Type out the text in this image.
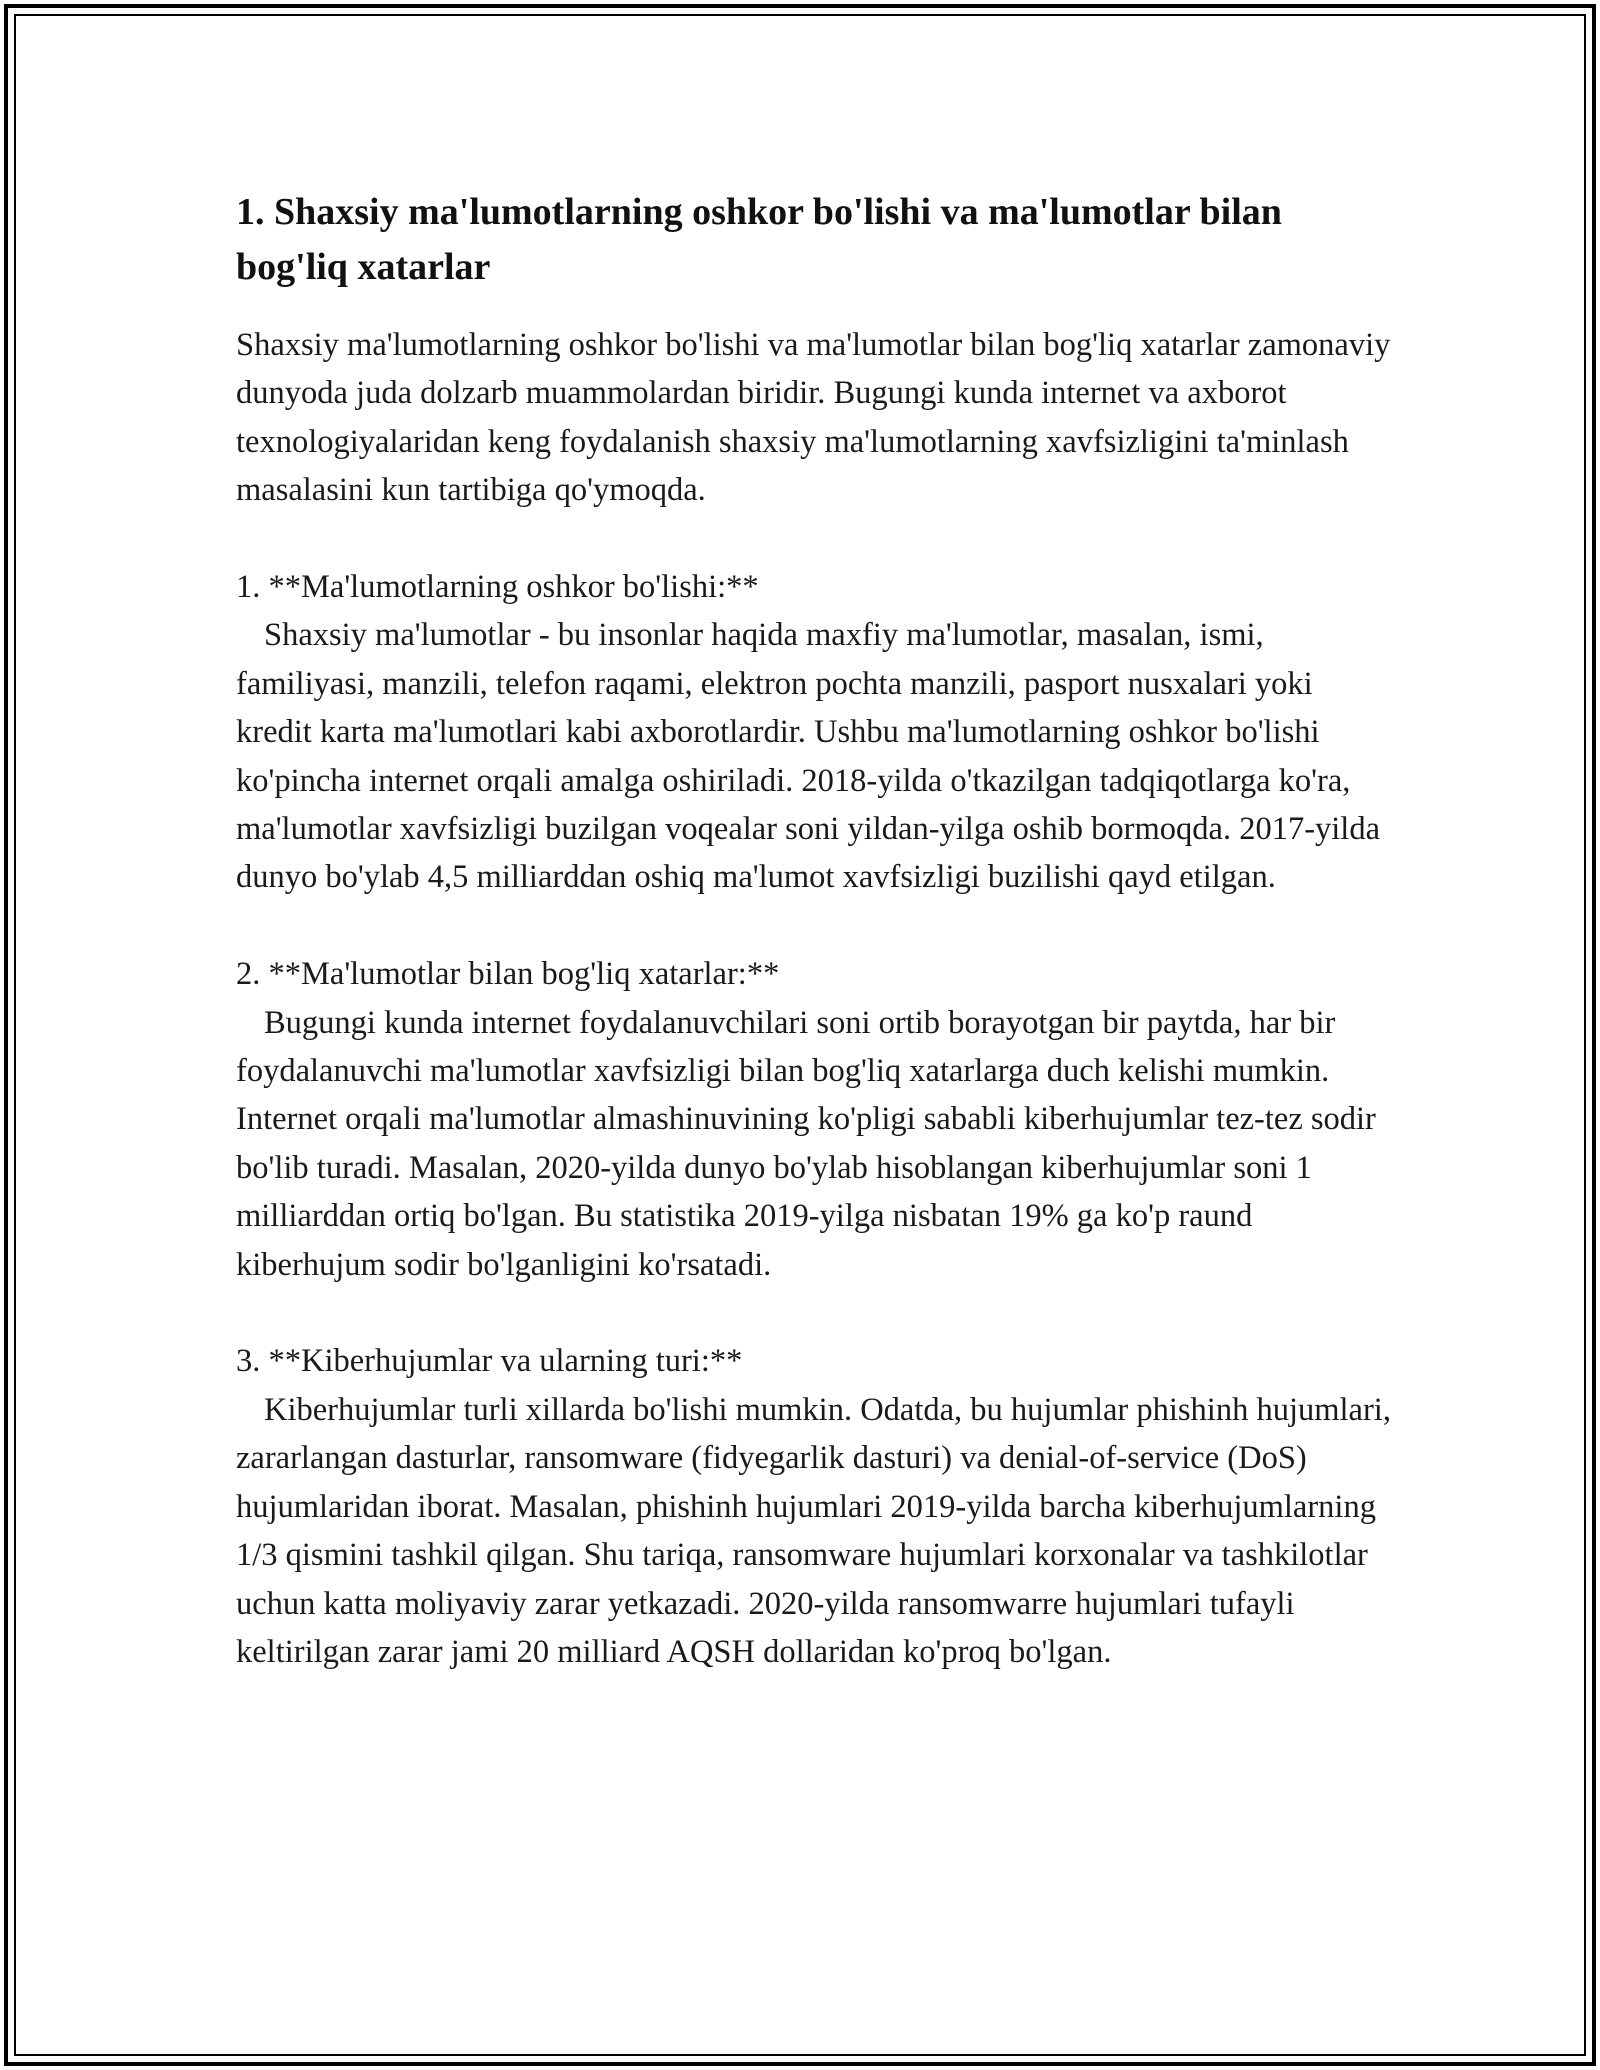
1. Shaxsiy ma'lumotlarning oshkor bo'lishi va ma'lumotlar bilan bog'liq xatarlar

Shaxsiy ma'lumotlarning oshkor bo'lishi va ma'lumotlar bilan bog'liq xatarlar zamonaviy dunyoda juda dolzarb muammolardan biridir. Bugungi kunda internet va axborot texnologiyalaridan keng foydalanish shaxsiy ma'lumotlarning xavfsizligini ta'minlash masalasini kun tartibiga qo'ymoqda.

1. **Ma'lumotlarning oshkor bo'lishi:**

Shaxsiy ma'lumotlar - bu insonlar haqida maxfiy ma'lumotlar, masalan, ismi, familiyasi, manzili, telefon raqami, elektron pochta manzili, pasport nusxalari yoki kredit karta ma'lumotlari kabi axborotlardir. Ushbu ma'lumotlarning oshkor bo'lishi ko'pincha internet orqali amalga oshiriladi. 2018-yilda o'tkazilgan tadqiqotlarga ko'ra, ma'lumotlar xavfsizligi buzilgan voqealar soni yildan-yilga oshib bormoqda. 2017-yilda dunyo bo'ylab 4,5 milliarddan oshiq ma'lumot xavfsizligi buzilishi qayd etilgan.

2. **Ma'lumotlar bilan bog'liq xatarlar:**

Bugungi kunda internet foydalanuvchilari soni ortib borayotgan bir paytda, har bir foydalanuvchi ma'lumotlar xavfsizligi bilan bog'liq xatarlarga duch kelishi mumkin. Internet orqali ma'lumotlar almashinuvining ko'pligi sababli kiberhujumlar tez-tez sodir bo'lib turadi. Masalan, 2020-yilda dunyo bo'ylab hisoblangan kiberhujumlar soni 1 milliarddan ortiq bo'lgan. Bu statistika 2019-yilga nisbatan 19% ga ko'p raund kiberhujum sodir bo'lganligini ko'rsatadi.

3. **Kiberhujumlar va ularning turi:**

Kiberhujumlar turli xillarda bo'lishi mumkin. Odatda, bu hujumlar phishinh hujumlari, zararlangan dasturlar, ransomware (fidyegarlik dasturi) va denial-of-service (DoS) hujumlaridan iborat. Masalan, phishinh hujumlari 2019-yilda barcha kiberhujumlarning 1/3 qismini tashkil qilgan. Shu tariqa, ransomware hujumlari korxonalar va tashkilotlar uchun katta moliyaviy zarar yetkazadi. 2020-yilda ransomwarre hujumlari tufayli keltirilgan zarar jami 20 milliard AQSH dollaridan ko'proq bo'lgan.
